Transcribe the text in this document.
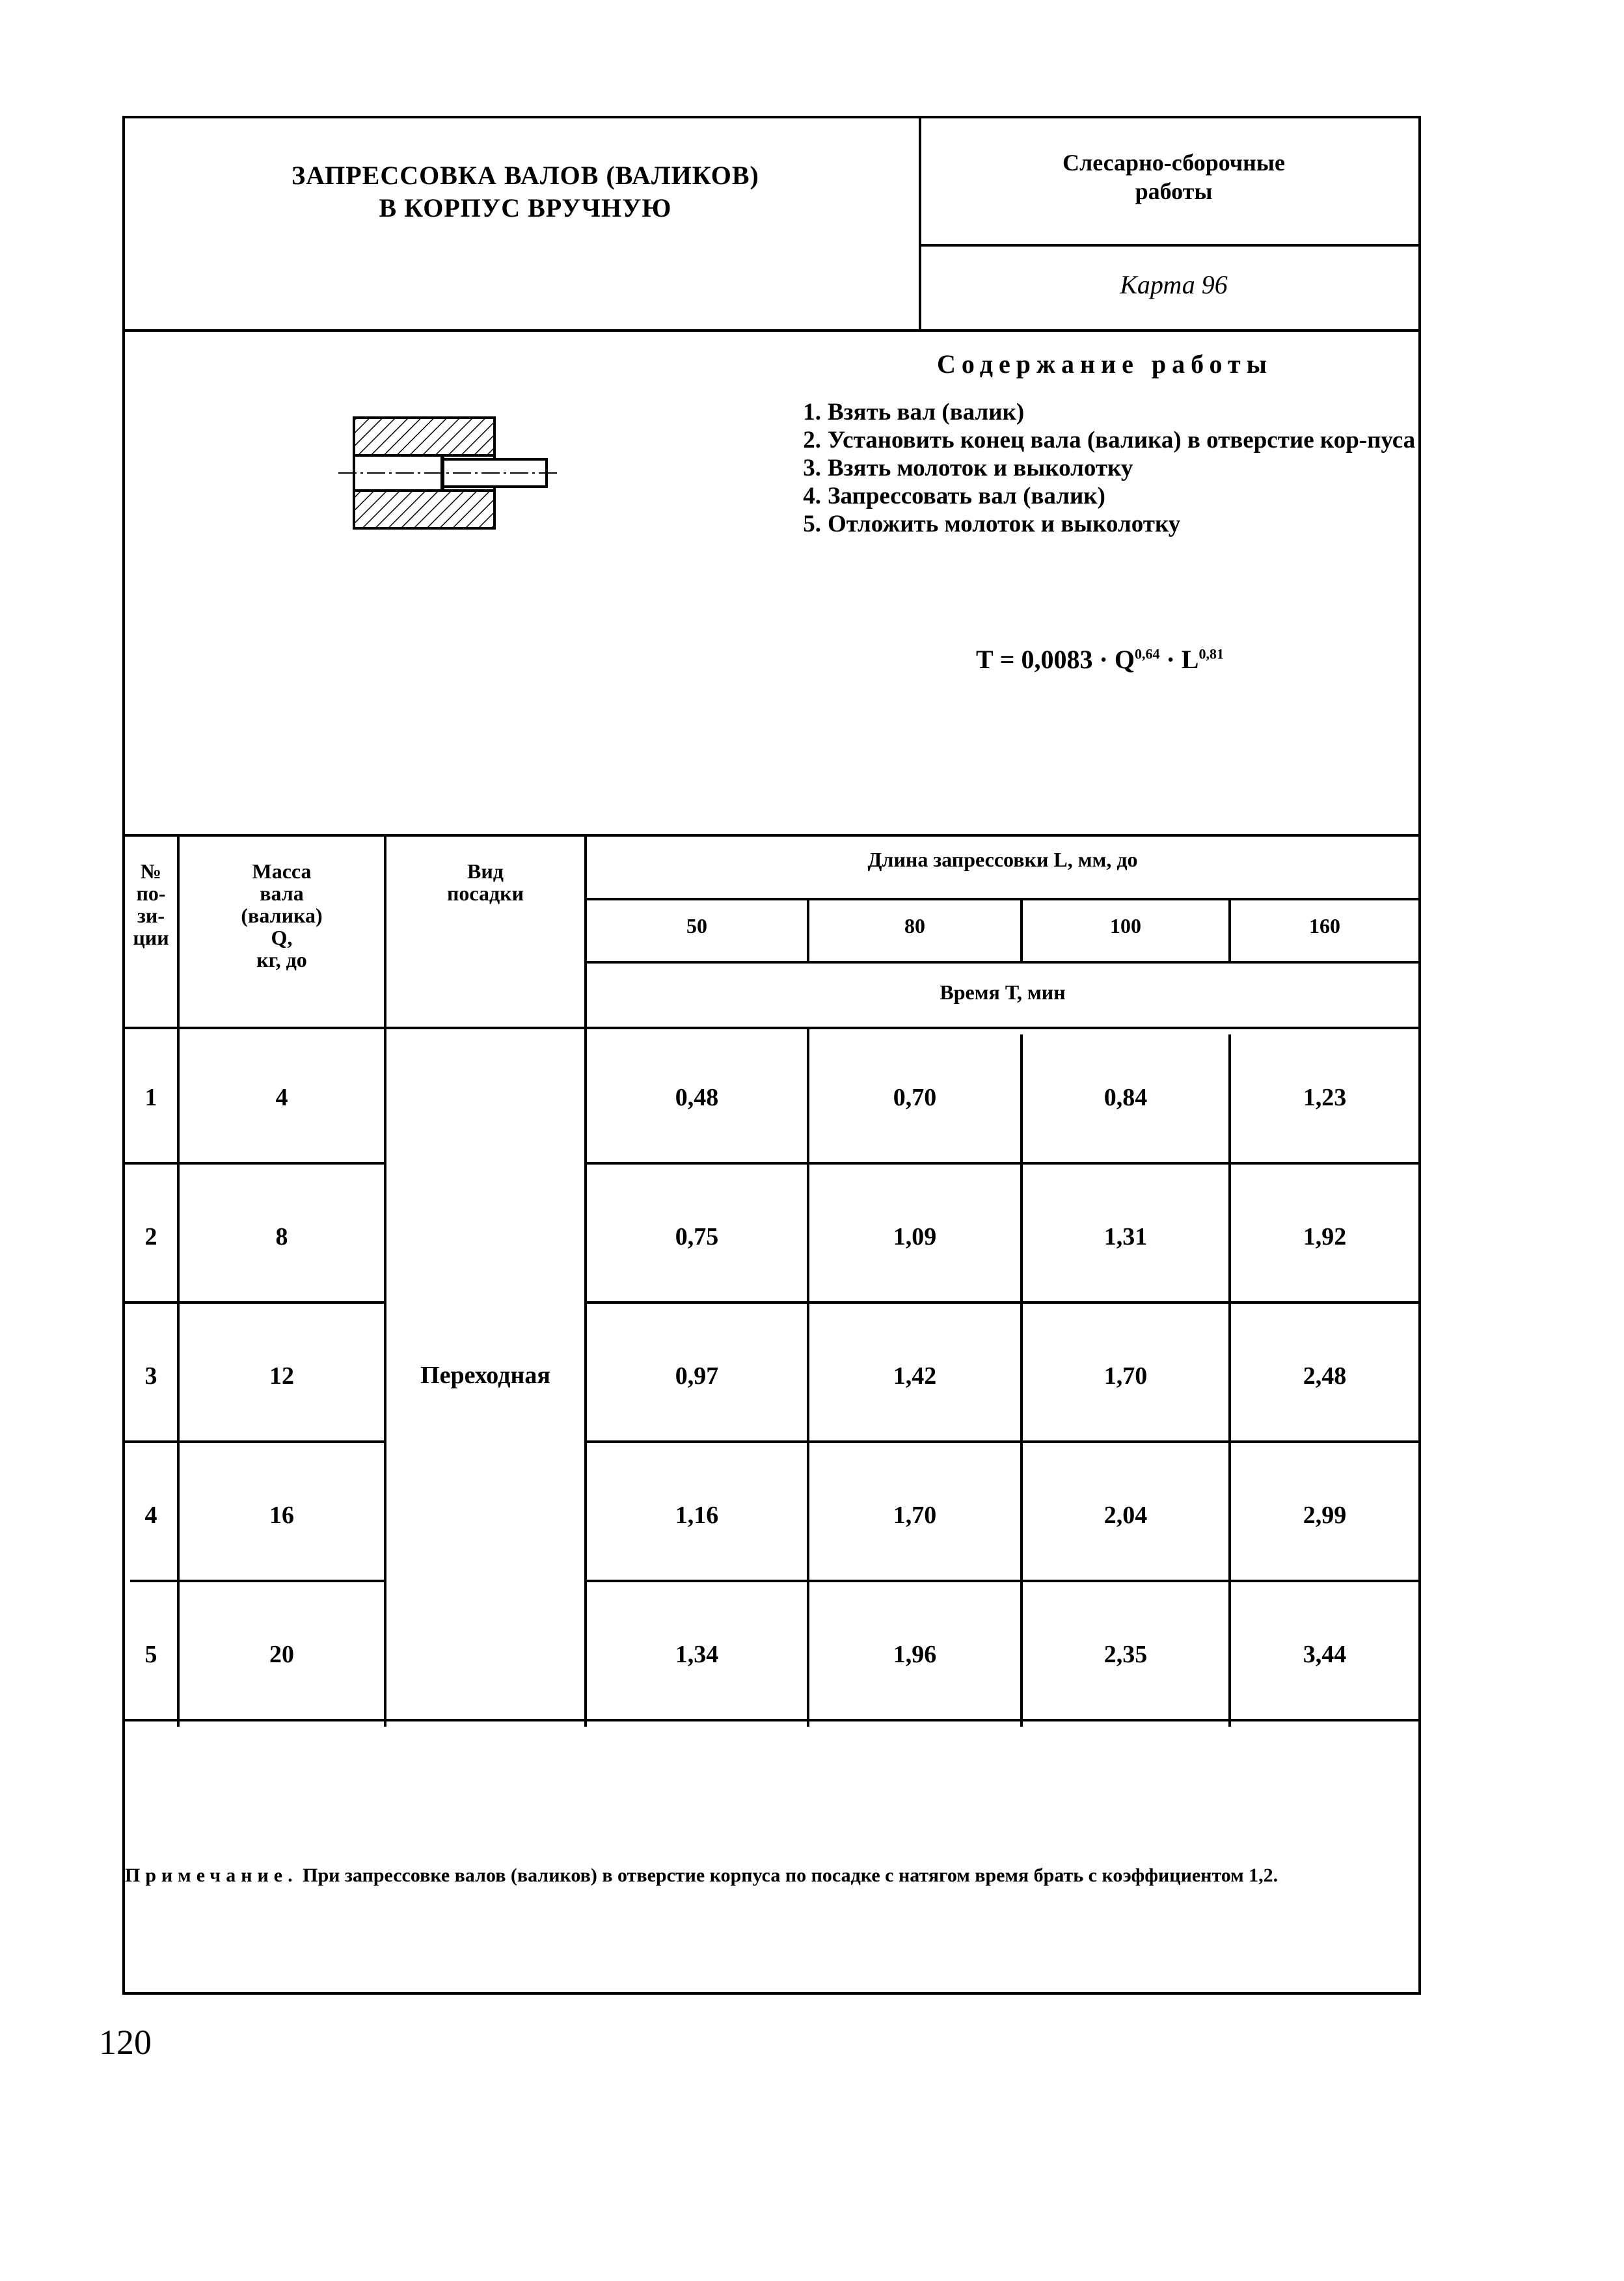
ЗАПРЕССОВКА ВАЛОВ (ВАЛИКОВ)
В КОРПУС ВРУЧНУЮ
Слесарно-сборочные
работы
Карта 96
Содержание работы
1. Взять вал (валик)
2. Установить конец вала (валика) в отверстие кор-пуса
3. Взять молоток и выколотку
4. Запрессовать вал (валик)
5. Отложить молоток и выколотку
Т = 0,0083 · Q$^{0,64}$ · L$^{0,81}$
№
по-
зи-
ции
Масса
вала
(валика)
Q,
кг, до
Вид
посадки
Длина запрессовки L, мм, до
50	80	100	160
Время Т, мин
Переходная
1	4	0,48	0,70	0,84	1,23
2	8	0,75	1,09	1,31	1,92
3	12	0,97	1,42	1,70	2,48
4	16	1,16	1,70	2,04	2,99
5	20	1,34	1,96	2,35	3,44
Примечание. При запрессовке валов (валиков) в отверстие корпуса по посадке с натягом время брать с коэффициентом 1,2.
120
